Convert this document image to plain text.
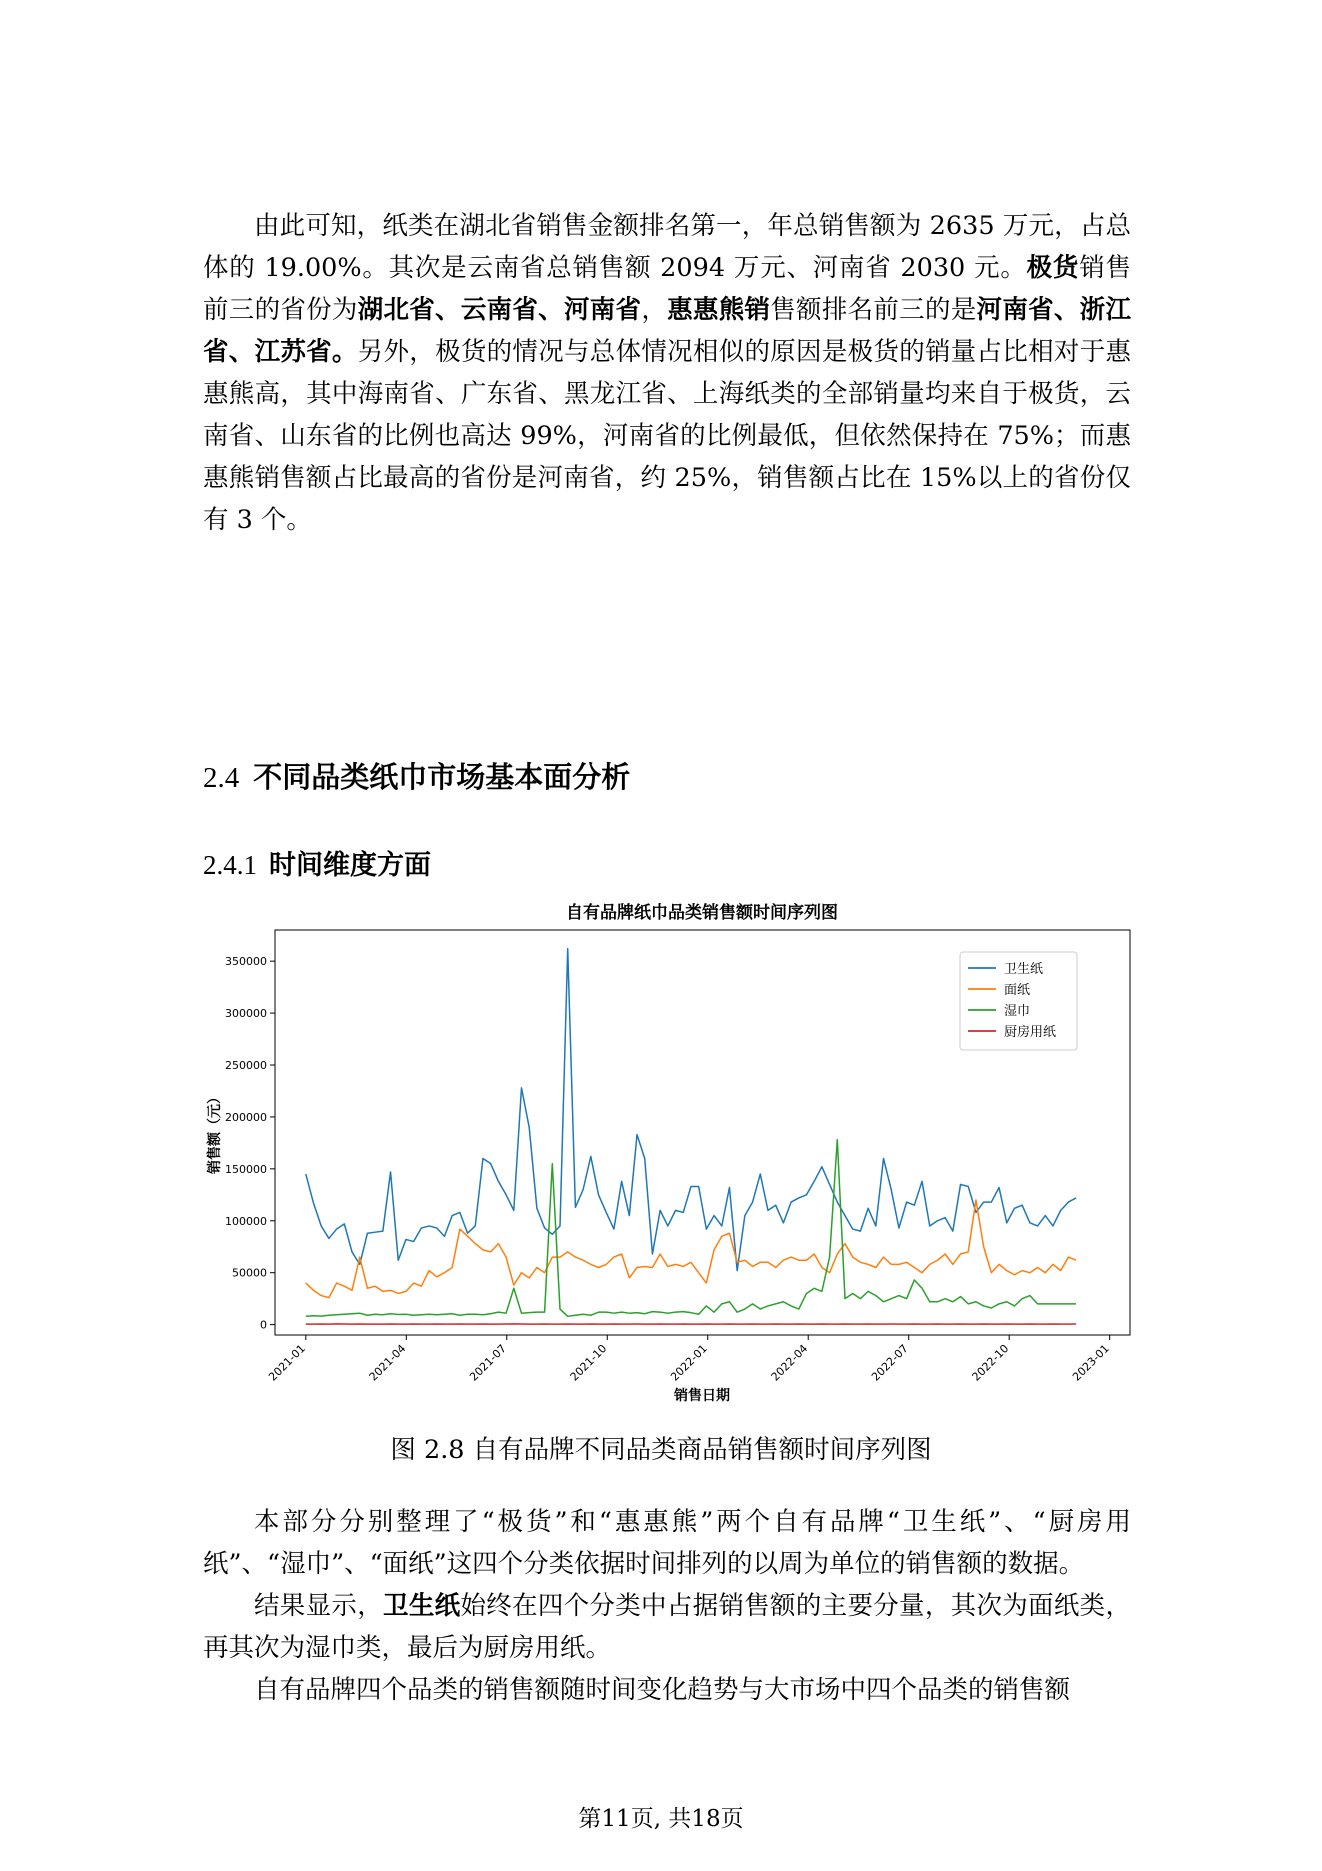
由此可知，纸类在湖北省销售金额排名第一，年总销售额为 2635 万元，占总体的 19.00%。其次是云南省总销售额 2094 万元、河南省 2030 元。极货销售前三的省份为湖北省、云南省、河南省，惠惠熊销售额排名前三的是河南省、浙江省、江苏省。另外，极货的情况与总体情况相似的原因是极货的销量占比相对于惠惠熊高，其中海南省、广东省、黑龙江省、上海纸类的全部销量均来自于极货，云南省、山东省的比例也高达 99%，河南省的比例最低，但依然保持在 75%；而惠惠熊销售额占比最高的省份是河南省，约 25%，销售额占比在 15%以上的省份仅有 3 个。

2.4 不同品类纸巾市场基本面分析
2.4.1 时间维度方面
自有品牌纸巾品类销售额时间序列图
0
50000
100000
150000
200000
250000
300000
350000
2021-01	2021-04	2021-07	2021-10	2022-01	2022-04	2022-07	2022-10	2023-01
销售额（元）
销售日期
卫生纸
面纸
湿巾
厨房用纸
图 2.8 自有品牌不同品类商品销售额时间序列图

本部分分别整理了“极货”和“惠惠熊”两个自有品牌“卫生纸”、“厨房用纸”、“湿巾”、“面纸”这四个分类依据时间排列的以周为单位的销售额的数据。

结果显示，卫生纸始终在四个分类中占据销售额的主要分量，其次为面纸类，再其次为湿巾类，最后为厨房用纸。

自有品牌四个品类的销售额随时间变化趋势与大市场中四个品类的销售额

第11页, 共18页
